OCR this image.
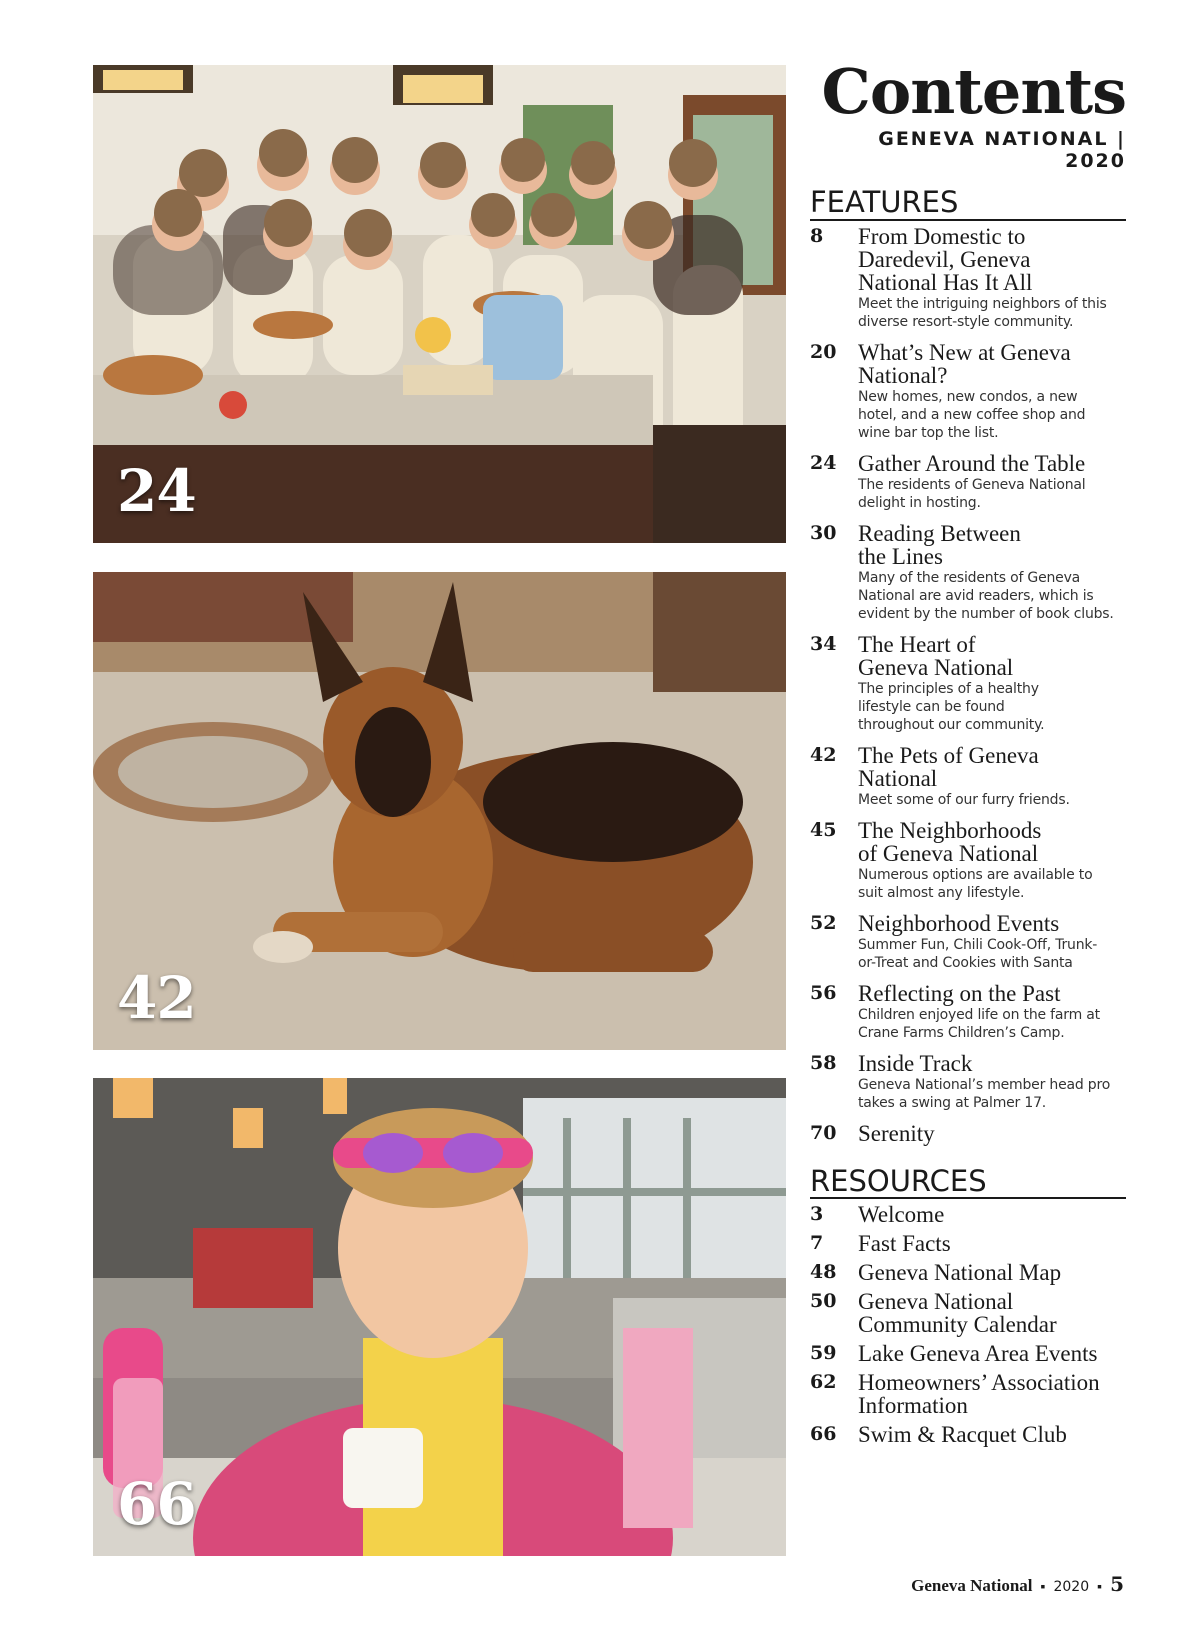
24
42
66
Contents
GENEVA NATIONAL | 2020
FEATURES
8	From Domestic to
Daredevil, Geneva
National Has It All
Meet the intriguing neighbors of this
diverse resort-style community.
20 What’s New at Geneva
National?
New homes, new condos, a new
hotel, and a new coffee shop and
wine bar top the list.
24 Gather Around the Table
The residents of Geneva National
delight in hosting.
30 Reading Between
the Lines
Many of the residents of Geneva
National are avid readers, which is
evident by the number of book clubs.
34 The Heart of
Geneva National
The principles of a healthy
lifestyle can be found
throughout our community.
42 The Pets of Geneva
National
Meet some of our furry friends.
45 The Neighborhoods
of Geneva National
Numerous options are available to
suit almost any lifestyle.
52 Neighborhood Events
Summer Fun, Chili Cook-Off, Trunk-
or-Treat and Cookies with Santa
56 Reflecting on the Past
Children enjoyed life on the farm at
Crane Farms Children’s Camp.
58 Inside Track
Geneva National’s member head pro
takes a swing at Palmer 17.
70 Serenity
RESOURCES
3	Welcome
7	Fast Facts
48 Geneva National Map
50 Geneva National
Community Calendar
59 Lake Geneva Area Events
62 Homeowners’ Association
Information
66 Swim & Racquet Club
Geneva National ▪ 2020 ▪ 5
